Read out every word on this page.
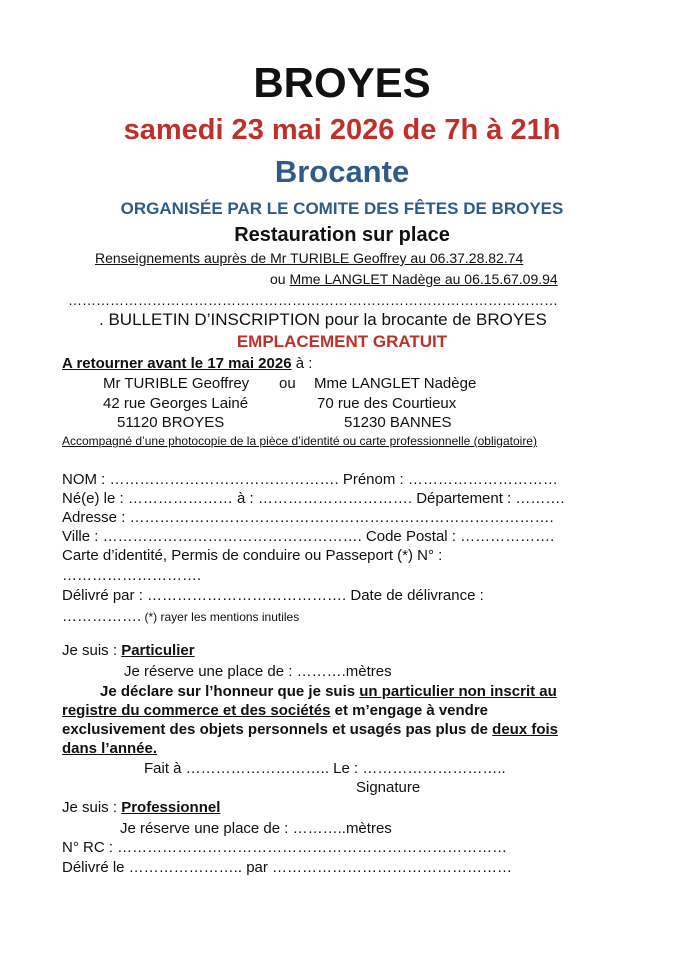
BROYES
samedi 23 mai 2026 de 7h à 21h
Brocante
ORGANISÉE PAR LE COMITE DES FÊTES DE BROYES
Restauration sur place
Renseignements auprès de Mr TURIBLE Geoffrey au 06.37.28.82.74
ou Mme LANGLET Nadège au 06.15.67.09.94
……………………………………………………………………………………………
. BULLETIN D’INSCRIPTION pour la brocante de BROYES
EMPLACEMENT GRATUIT
A retourner avant le 17 mai 2026 à :
Mr TURIBLE Geoffrey ou Mme LANGLET Nadège
42 rue Georges Lainé	70 rue des Courtieux
51120 BROYES	51230 BANNES
Accompagné d’une photocopie de la pièce d’identité ou carte professionnelle (obligatoire)
NOM : ………………………………………. Prénom : …………………………
Né(e) le : ………………… à : …………………………. Département : ……….
Adresse : ………………………………………………………………………….
Ville : ……………………………………………. Code Postal : ……………….
Carte d’identité, Permis de conduire ou Passeport (*) N° :
……………………….
Délivré par : …………………………………. Date de délivrance :
……………. (*) rayer les mentions inutiles
Je suis : Particulier
Je réserve une place de : ……….mètres
Je déclare sur l’honneur que je suis un particulier non inscrit au
registre du commerce et des sociétés et m’engage à vendre
exclusivement des objets personnels et usagés pas plus de deux fois
dans l’année.
Fait à ……………………….. Le : ………………………..
Signature
Je suis : Professionnel
Je réserve une place de : ………..mètres
N° RC : ……………………………………………………………………
Délivré le ………………….. par …………………………………………
